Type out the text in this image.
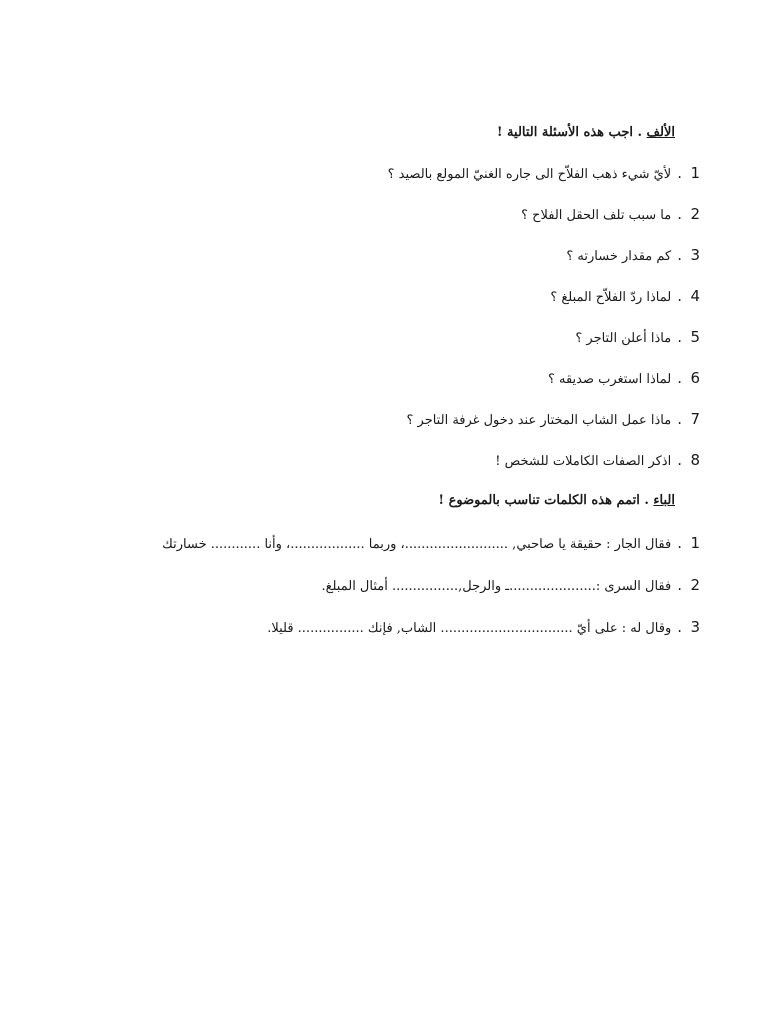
الألف . اجب هذه الأسئلة التالية !
1.لأيّ شيء ذهب الفلاّح الى جاره الغنيّ المولع بالصيد ؟
2.ما سبب تلف الحقل الفلاح ؟
3.كم مقدار خسارته ؟
4.لماذا ردّ الفلاّح المبلغ ؟
5.ماذا أعلن التاجر ؟
6.لماذا استغرب صديقه ؟
7.ماذا عمل الشاب المختار عند دخول غرفة التاجر ؟
8.اذكر الصفات الكاملات للشخص !
الباء . اتمم هذه الكلمات تناسب بالموضوع !
1.فقال الجار : حقيقة يا صاحبي, .........................، وربما ..................، وأنا ............ خسارتك
2.فقال السرى :.....................ـ والرجل,................ أمثال المبلغ.
3.وقال له : على أيّ ................................ الشاب, فإنك ................ قليلا.
